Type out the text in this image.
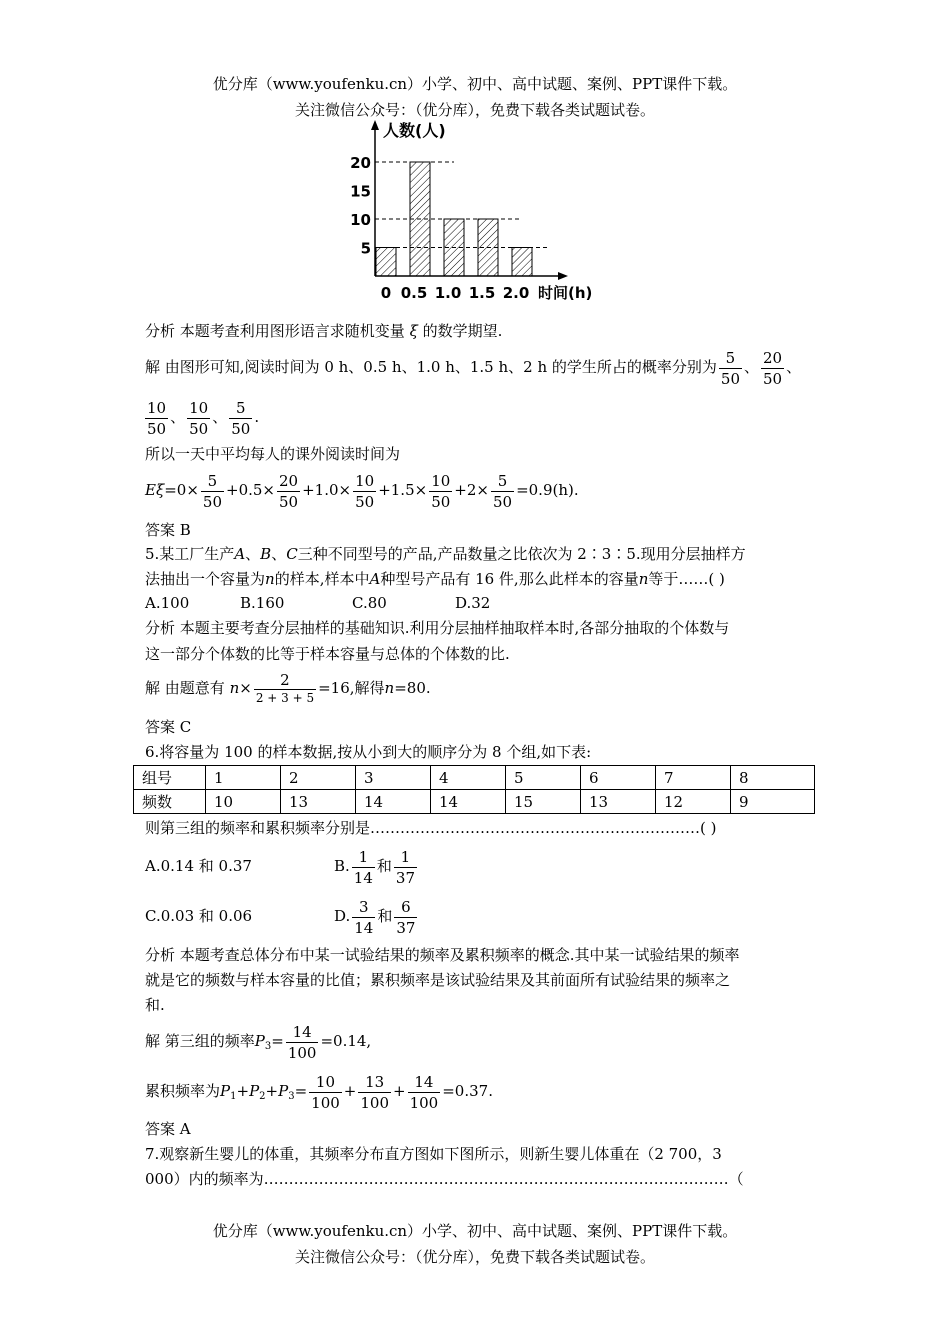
优分库（www.youfenku.cn）小学、初中、高中试题、案例、PPT课件下载。
关注微信公众号：（优分库），免费下载各类试题试卷。
人数(人)
时间(h)
5
10
15
20
0 0.5 1.0 1.5 2.0
分析 本题考查利用图形语言求随机变量 ξ 的数学期望.
解 由图形可知,阅读时间为 0 h、0.5 h、1.0 h、1.5 h、2 h 的学生所占的概率分别为 $\frac{5}{50}$ 、 $\frac{20}{50}$ 、
$\frac{10}{50}$ 、 $\frac{10}{50}$ 、 $\frac{5}{50}$ .
所以一天中平均每人的课外阅读时间为
$E\xi=0\times \frac{5}{50} +0.5\times \frac{20}{50} +1.0\times \frac{10}{50} +1.5\times \frac{10}{50} +2\times \frac{5}{50} =0.9(h)$.
答案 B
5.某工厂生产A、B、C三种不同型号的产品,产品数量之比依次为 2∶3∶5.现用分层抽样方
法抽出一个容量为n的样本,样本中A种型号产品有 16 件,那么此样本的容量n等于……( )
A.100	B.160	C.80	D.32
分析 本题主要考查分层抽样的基础知识.利用分层抽样抽取样本时,各部分抽取的个体数与
这一部分个体数的比等于样本容量与总体的个体数的比.
解 由题意有 $n\times \frac{2}{2 + 3 + 5} =16$,解得n=80.
答案 C
6.将容量为 100 的样本数据,按从小到大的顺序分为 8 个组,如下表:
组号	1	2	3	4	5	6	7	8
频数	10	13	14	14	15	13	12	9
则第三组的频率和累积频率分别是…………………………………………………………( )
A.0.14 和 0.37	B. $\frac{1}{14}$ 和 $\frac{1}{37}$
C.0.03 和 0.06	D. $\frac{3}{14}$ 和 $\frac{6}{37}$
分析 本题考查总体分布中某一试验结果的频率及累积频率的概念.其中某一试验结果的频率
就是它的频数与样本容量的比值；累积频率是该试验结果及其前面所有试验结果的频率之
和.
解 第三组的频率$P_3= \frac{14}{100} =0.14$,
累积频率为$P_1+P_2+P_3= \frac{10}{100} + \frac{13}{100} + \frac{14}{100} =0.37$.
答案 A
7.观察新生婴儿的体重，其频率分布直方图如下图所示，则新生婴儿体重在（2 700，3
000）内的频率为…………………………………………………………………………………（
优分库（www.youfenku.cn）小学、初中、高中试题、案例、PPT课件下载。
关注微信公众号：（优分库），免费下载各类试题试卷。
